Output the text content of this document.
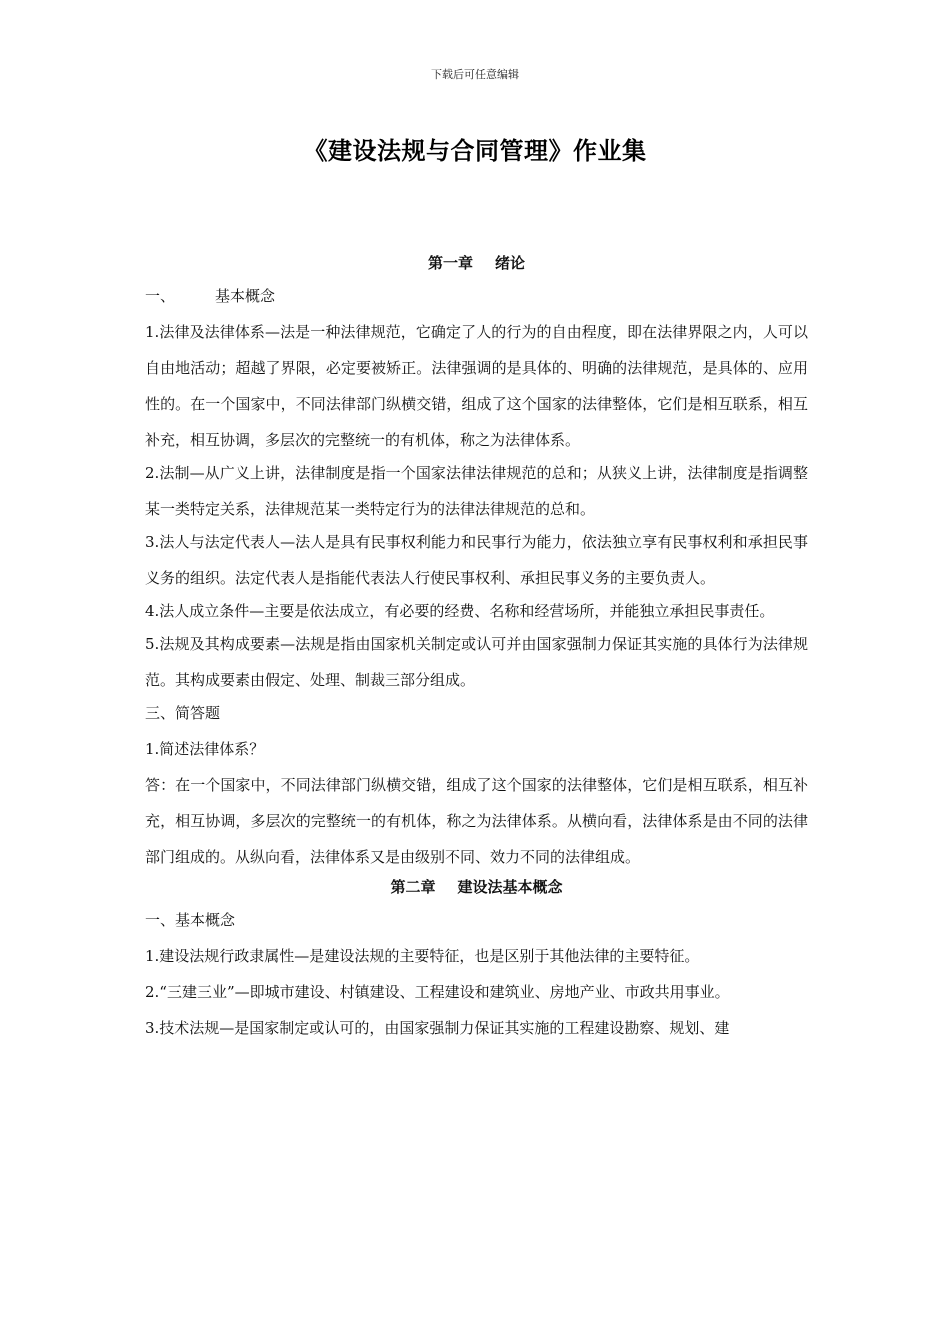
下载后可任意编辑
《建设法规与合同管理》作业集

第一章 绪论

一、	基本概念

1.法律及法律体系—法是一种法律规范，它确定了人的行为的自由程度，即在法律界限之内，人可以自由地活动；超越了界限，必定要被矫正。法律强调的是具体的、明确的法律规范，是具体的、应用性的。在一个国家中，不同法律部门纵横交错，组成了这个国家的法律整体，它们是相互联系，相互补充，相互协调，多层次的完整统一的有机体，称之为法律体系。

2.法制—从广义上讲，法律制度是指一个国家法律法律规范的总和；从狭义上讲，法律制度是指调整某一类特定关系，法律规范某一类特定行为的法律法律规范的总和。

3.法人与法定代表人—法人是具有民事权利能力和民事行为能力，依法独立享有民事权利和承担民事义务的组织。法定代表人是指能代表法人行使民事权利、承担民事义务的主要负责人。

4.法人成立条件—主要是依法成立，有必要的经费、名称和经营场所，并能独立承担民事责任。

5.法规及其构成要素—法规是指由国家机关制定或认可并由国家强制力保证其实施的具体行为法律规范。其构成要素由假定、处理、制裁三部分组成。

三、简答题

1.简述法律体系？

答：在一个国家中，不同法律部门纵横交错，组成了这个国家的法律整体，它们是相互联系，相互补充，相互协调，多层次的完整统一的有机体，称之为法律体系。从横向看，法律体系是由不同的法律部门组成的。从纵向看，法律体系又是由级别不同、效力不同的法律组成。

第二章 建设法基本概念

一、基本概念

1.建设法规行政隶属性—是建设法规的主要特征，也是区别于其他法律的主要特征。

2.“三建三业”—即城市建设、村镇建设、工程建设和建筑业、房地产业、市政共用事业。

3.技术法规—是国家制定或认可的，由国家强制力保证其实施的工程建设勘察、规划、建
